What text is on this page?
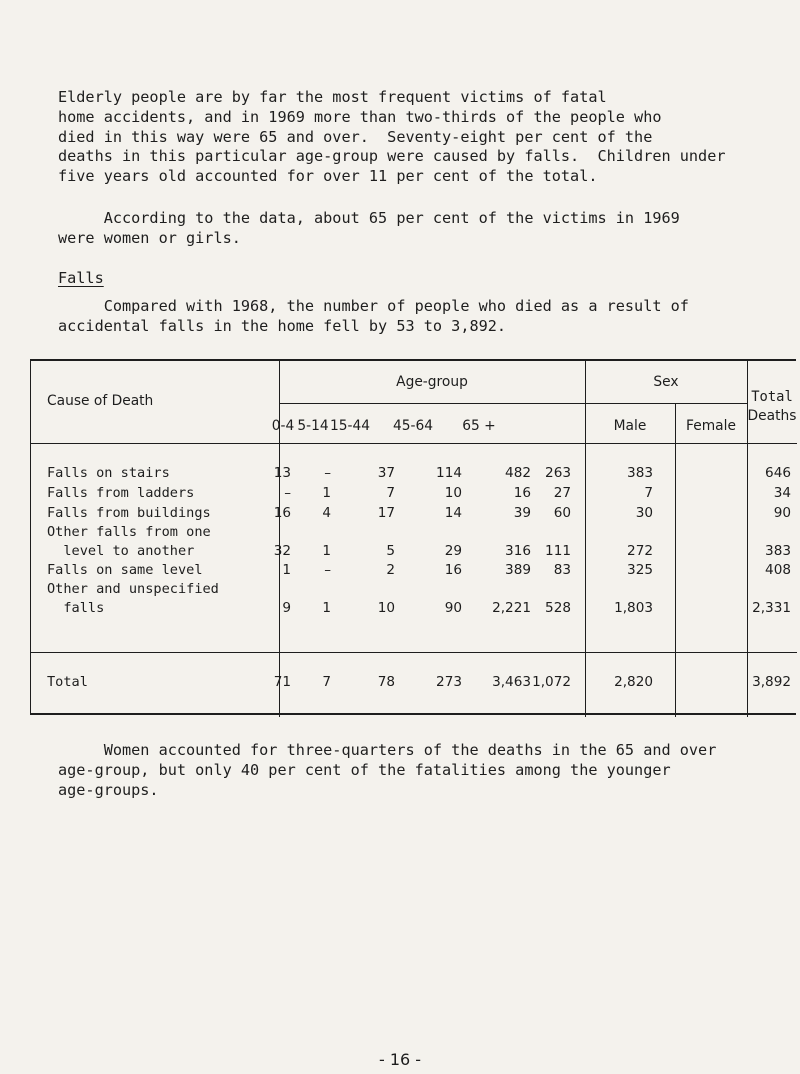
Elderly people are by far the most frequent victims of fatal
home accidents, and in 1969 more than two-thirds of the people who
died in this way were 65 and over.  Seventy-eight per cent of the
deaths in this particular age-group were caused by falls.  Children under
five years old accounted for over 11 per cent of the total.

According to the data, about 65 per cent of the victims in 1969
were women or girls.

Falls

Compared with 1968, the number of people who died as a result of
accidental falls in the home fell by 53 to 3,892.

Cause of Death
Age-group	Sex
Total
Deaths
0-4 5-14 15-44 45-64	65 +	Male	Female
Falls on stairs	13	–	37	114	482	263	383	646
Falls from ladders	–	1	7	10	16	27	7	34
Falls from buildings	16	4	17	14	39	60	30	90
Other falls from one
level to another	32	1	5	29	316	111	272	383
Falls on same level	1	–	2	16	389	83	325	408
Other and unspecified
falls	9	1	10	90	2,221	528	1,803	2,331
Total	71	7	78	273	3,463 1,072	2,820	3,892

Women accounted for three-quarters of the deaths in the 65 and over
age-group, but only 40 per cent of the fatalities among the younger
age-groups.

- 16 -
